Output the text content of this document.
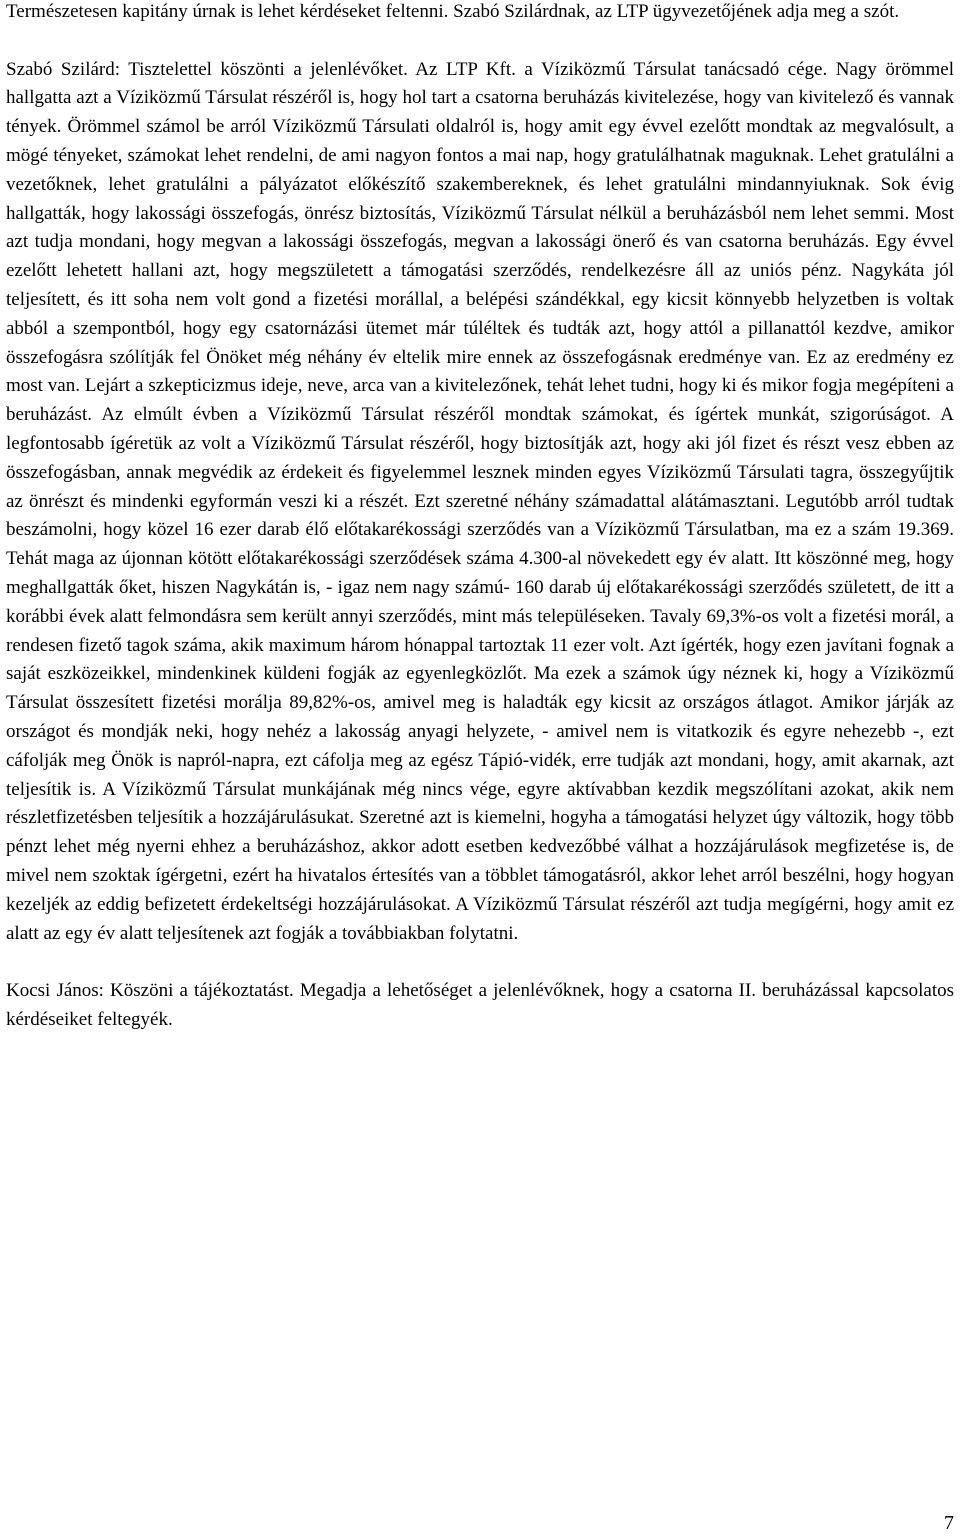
Természetesen kapitány úrnak is lehet kérdéseket feltenni. Szabó Szilárdnak, az LTP ügyvezetőjének adja meg a szót.

Szabó Szilárd: Tisztelettel köszönti a jelenlévőket. Az LTP Kft. a Víziközmű Társulat tanácsadó cége. Nagy örömmel hallgatta azt a Víziközmű Társulat részéről is, hogy hol tart a csatorna beruházás kivitelezése, hogy van kivitelező és vannak tények. Örömmel számol be arról Víziközmű Társulati oldalról is, hogy amit egy évvel ezelőtt mondtak az megvalósult, a mögé tényeket, számokat lehet rendelni, de ami nagyon fontos a mai nap, hogy gratulálhatnak maguknak. Lehet gratulálni a vezetőknek, lehet gratulálni a pályázatot előkészítő szakembereknek, és lehet gratulálni mindannyiuknak. Sok évig hallgatták, hogy lakossági összefogás, önrész biztosítás, Víziközmű Társulat nélkül a beruházásból nem lehet semmi. Most azt tudja mondani, hogy megvan a lakossági összefogás, megvan a lakossági önerő és van csatorna beruházás. Egy évvel ezelőtt lehetett hallani azt, hogy megszületett a támogatási szerződés, rendelkezésre áll az uniós pénz. Nagykáta jól teljesített, és itt soha nem volt gond a fizetési morállal, a belépési szándékkal, egy kicsit könnyebb helyzetben is voltak abból a szempontból, hogy egy csatornázási ütemet már túléltek és tudták azt, hogy attól a pillanattól kezdve, amikor összefogásra szólítják fel Önöket még néhány év eltelik mire ennek az összefogásnak eredménye van. Ez az eredmény ez most van. Lejárt a szkepticizmus ideje, neve, arca van a kivitelezőnek, tehát lehet tudni, hogy ki és mikor fogja megépíteni a beruházást. Az elmúlt évben a Víziközmű Társulat részéről mondtak számokat, és ígértek munkát, szigorúságot. A legfontosabb ígéretük az volt a Víziközmű Társulat részéről, hogy biztosítják azt, hogy aki jól fizet és részt vesz ebben az összefogásban, annak megvédik az érdekeit és figyelemmel lesznek minden egyes Víziközmű Társulati tagra, összegyűjtik az önrészt és mindenki egyformán veszi ki a részét. Ezt szeretné néhány számadattal alátámasztani. Legutóbb arról tudtak beszámolni, hogy közel 16 ezer darab élő előtakarékossági szerződés van a Víziközmű Társulatban, ma ez a szám 19.369. Tehát maga az újonnan kötött előtakarékossági szerződések száma 4.300-al növekedett egy év alatt. Itt köszönné meg, hogy meghallgatták őket, hiszen Nagykátán is, - igaz nem nagy számú- 160 darab új előtakarékossági szerződés született, de itt a korábbi évek alatt felmondásra sem került annyi szerződés, mint más településeken. Tavaly 69,3%-os volt a fizetési morál, a rendesen fizető tagok száma, akik maximum három hónappal tartoztak 11 ezer volt. Azt ígérték, hogy ezen javítani fognak a saját eszközeikkel, mindenkinek küldeni fogják az egyenlegközlőt. Ma ezek a számok úgy néznek ki, hogy a Víziközmű Társulat összesített fizetési morálja 89,82%-os, amivel meg is haladták egy kicsit az országos átlagot. Amikor járják az országot és mondják neki, hogy nehéz a lakosság anyagi helyzete, - amivel nem is vitatkozik és egyre nehezebb -, ezt cáfolják meg Önök is napról-napra, ezt cáfolja meg az egész Tápió-vidék, erre tudják azt mondani, hogy, amit akarnak, azt teljesítik is. A Víziközmű Társulat munkájának még nincs vége, egyre aktívabban kezdik megszólítani azokat, akik nem részletfizetésben teljesítik a hozzájárulásukat. Szeretné azt is kiemelni, hogyha a támogatási helyzet úgy változik, hogy több pénzt lehet még nyerni ehhez a beruházáshoz, akkor adott esetben kedvezőbbé válhat a hozzájárulások megfizetése is, de mivel nem szoktak ígérgetni, ezért ha hivatalos értesítés van a többlet támogatásról, akkor lehet arról beszélni, hogy hogyan kezeljék az eddig befizetett érdekeltségi hozzájárulásokat. A Víziközmű Társulat részéről azt tudja megígérni, hogy amit ez alatt az egy év alatt teljesítenek azt fogják a továbbiakban folytatni.

Kocsi János: Köszöni a tájékoztatást. Megadja a lehetőséget a jelenlévőknek, hogy a csatorna II. beruházással kapcsolatos kérdéseiket feltegyék.

7
